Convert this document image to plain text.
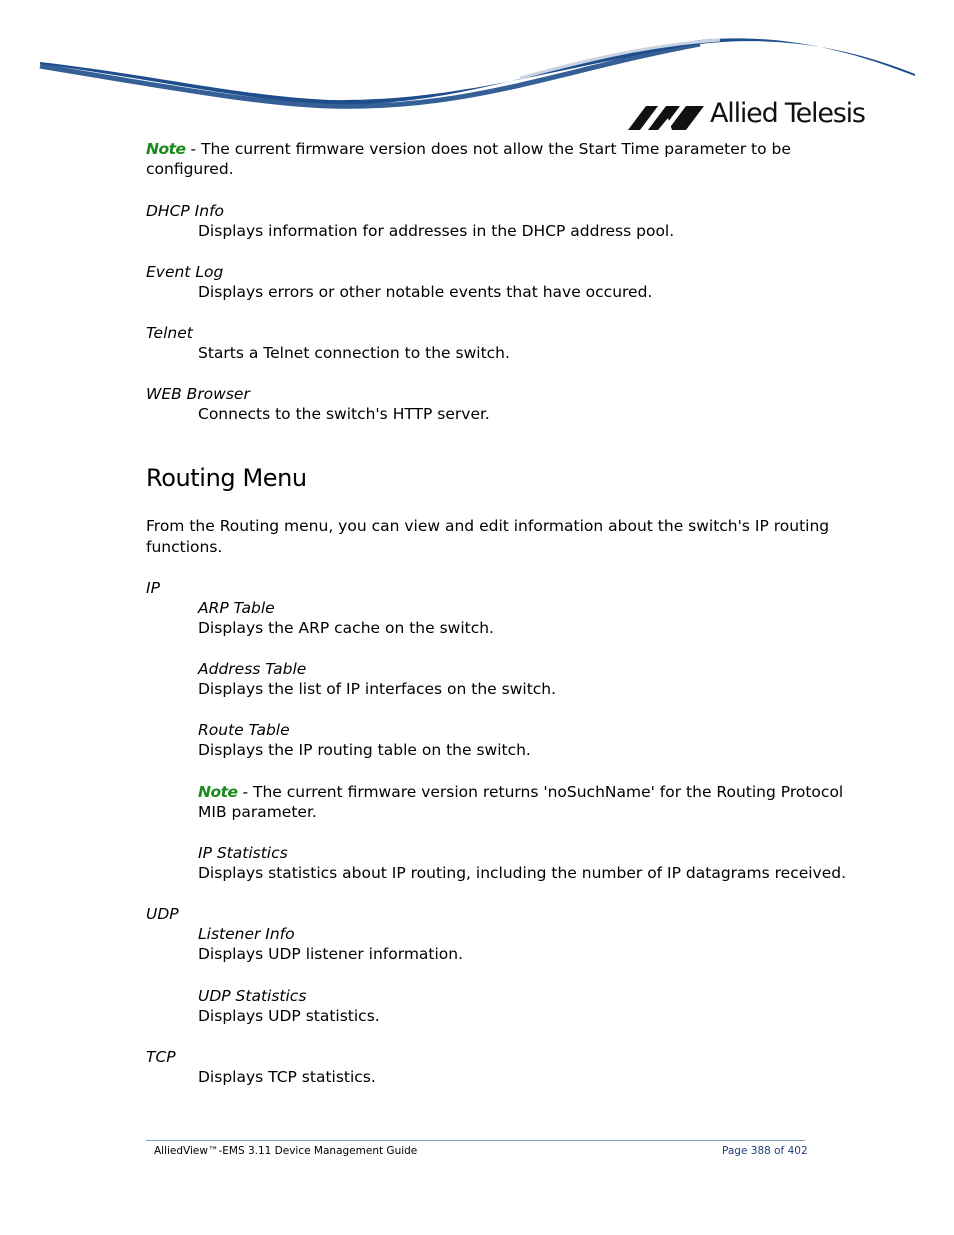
Allied Telesis
Note - The current firmware version does not allow the Start Time parameter to be
configured.
DHCP Info
Displays information for addresses in the DHCP address pool.
Event Log
Displays errors or other notable events that have occured.
Telnet
Starts a Telnet connection to the switch.
WEB Browser
Connects to the switch's HTTP server.
Routing Menu
From the Routing menu, you can view and edit information about the switch's IP routing
functions.
IP
ARP Table
Displays the ARP cache on the switch.
Address Table
Displays the list of IP interfaces on the switch.
Route Table
Displays the IP routing table on the switch.
Note - The current firmware version returns 'noSuchName' for the Routing Protocol
MIB parameter.
IP Statistics
Displays statistics about IP routing, including the number of IP datagrams received.
UDP
Listener Info
Displays UDP listener information.
UDP Statistics
Displays UDP statistics.
TCP
Displays TCP statistics.
AlliedView™-EMS 3.11 Device Management Guide	Page 388 of 402
